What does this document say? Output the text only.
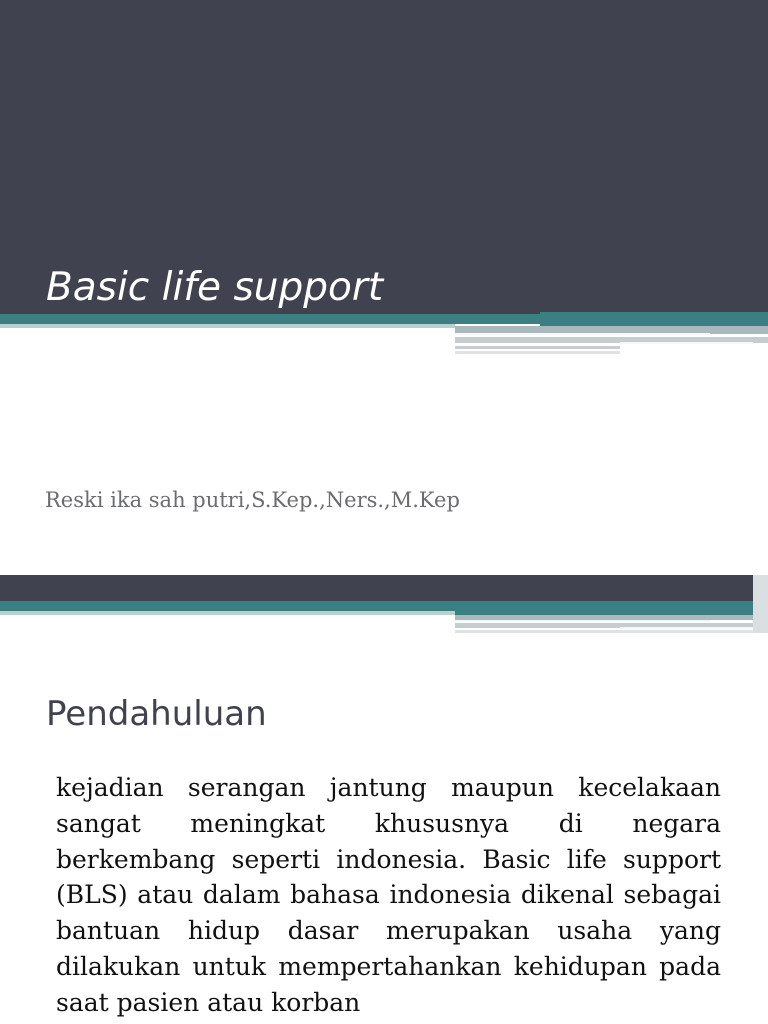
Basic life support
Reski ika sah putri,S.Kep.,Ners.,M.Kep
Pendahuluan

kejadian serangan jantung maupun kecelakaan sangat meningkat khususnya di negara berkembang seperti indonesia. Basic life support (BLS) atau dalam bahasa indonesia dikenal sebagai bantuan hidup dasar merupakan usaha yang dilakukan untuk mempertahankan kehidupan pada saat pasien atau korban
